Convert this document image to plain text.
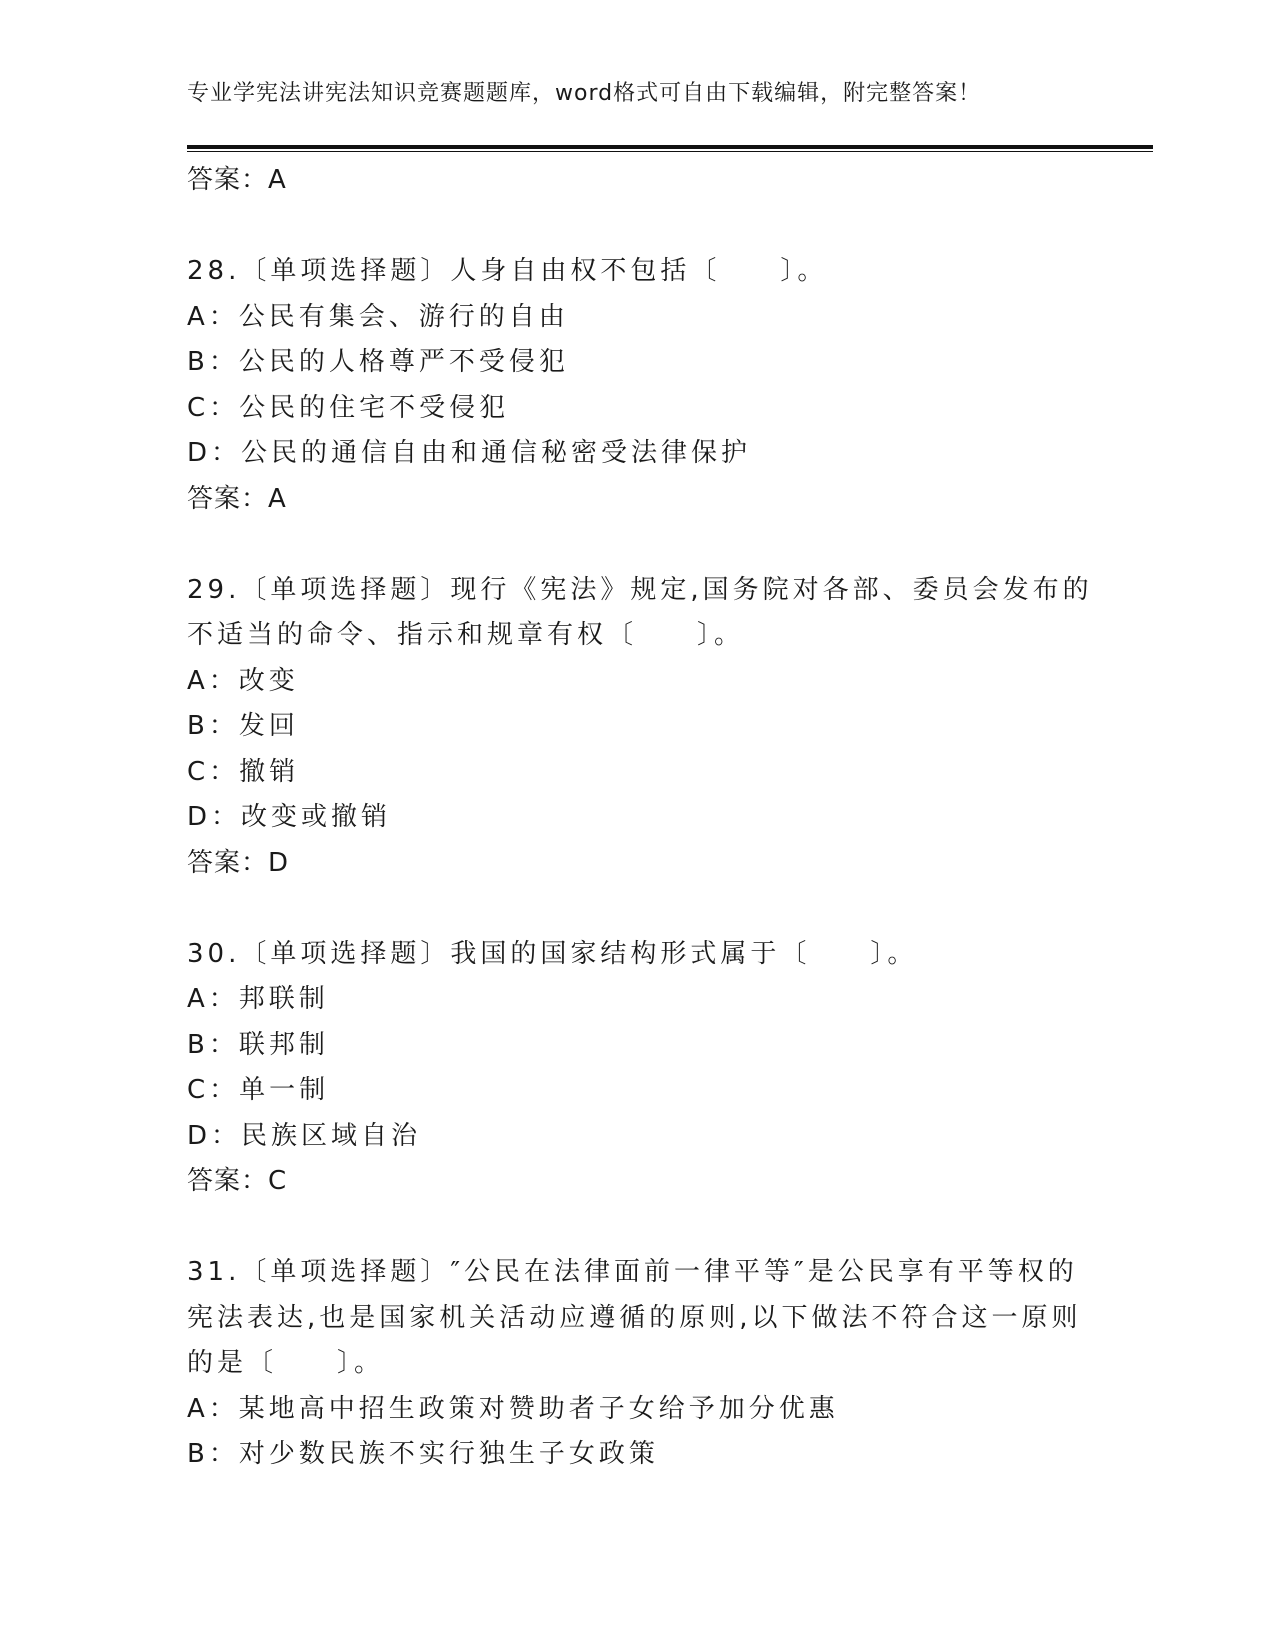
专业学宪法讲宪法知识竞赛题题库，word格式可自由下载编辑，附完整答案！
答案：A
28.〔单项选择题〕人身自由权不包括〔　　〕。
A：公民有集会、游行的自由
B：公民的人格尊严不受侵犯
C：公民的住宅不受侵犯
D：公民的通信自由和通信秘密受法律保护
答案：A
29.〔单项选择题〕现行《宪法》规定,国务院对各部、委员会发布的
不适当的命令、指示和规章有权〔　　〕。
A：改变
B：发回
C：撤销
D：改变或撤销
答案：D
30.〔单项选择题〕我国的国家结构形式属于〔　　〕。
A：邦联制
B：联邦制
C：单一制
D：民族区域自治
答案：C
31.〔单项选择题〕″公民在法律面前一律平等″是公民享有平等权的
宪法表达,也是国家机关活动应遵循的原则,以下做法不符合这一原则
的是〔　　〕。
A：某地高中招生政策对赞助者子女给予加分优惠
B：对少数民族不实行独生子女政策
